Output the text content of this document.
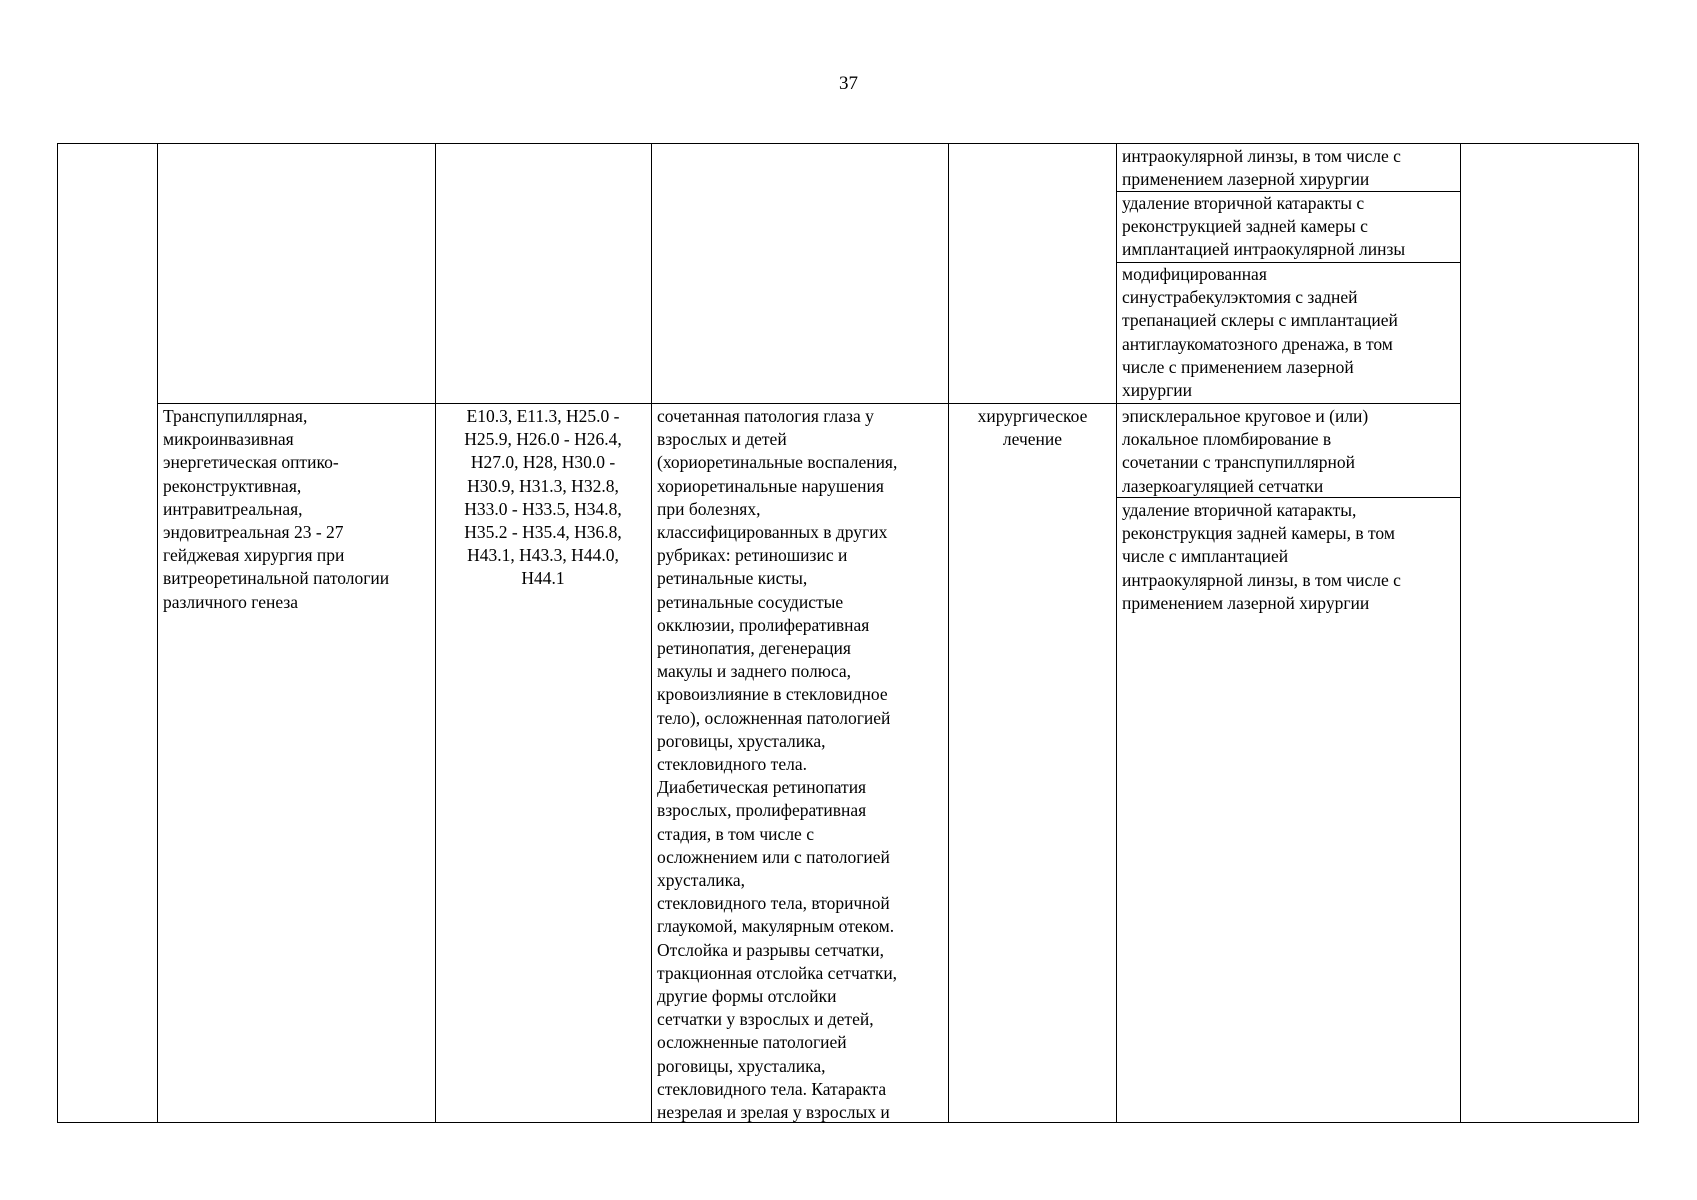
37
интраокулярной линзы, в том числе с
применением лазерной хирургии
удаление вторичной катаракты с
реконструкцией задней камеры с
имплантацией интраокулярной линзы
модифицированная
синустрабекулэктомия с задней
трепанацией склеры с имплантацией
антиглаукоматозного дренажа, в том
числе с применением лазерной
хирургии
Транспупиллярная,
микроинвазивная
энергетическая оптико-
реконструктивная,
интравитреальная,
эндовитреальная 23 - 27
гейджевая хирургия при
витреоретинальной патологии
различного генеза
E10.3, E11.3, H25.0 -
H25.9, H26.0 - H26.4,
H27.0, H28, H30.0 -
H30.9, H31.3, H32.8,
H33.0 - H33.5, H34.8,
H35.2 - H35.4, H36.8,
H43.1, H43.3, H44.0,
H44.1
сочетанная патология глаза у
взрослых и детей
(хориоретинальные воспаления,
хориоретинальные нарушения
при болезнях,
классифицированных в других
рубриках: ретиношизис и
ретинальные кисты,
ретинальные сосудистые
окклюзии, пролиферативная
ретинопатия, дегенерация
макулы и заднего полюса,
кровоизлияние в стекловидное
тело), осложненная патологией
роговицы, хрусталика,
стекловидного тела.
Диабетическая ретинопатия
взрослых, пролиферативная
стадия, в том числе с
осложнением или с патологией
хрусталика,
стекловидного тела, вторичной
глаукомой, макулярным отеком.
Отслойка и разрывы сетчатки,
тракционная отслойка сетчатки,
другие формы отслойки
сетчатки у взрослых и детей,
осложненные патологией
роговицы, хрусталика,
стекловидного тела. Катаракта
незрелая и зрелая у взрослых и
хирургическое
лечение
эписклеральное круговое и (или)
локальное пломбирование в
сочетании с транспупиллярной
лазеркоагуляцией сетчатки
удаление вторичной катаракты,
реконструкция задней камеры, в том
числе с имплантацией
интраокулярной линзы, в том числе с
применением лазерной хирургии
